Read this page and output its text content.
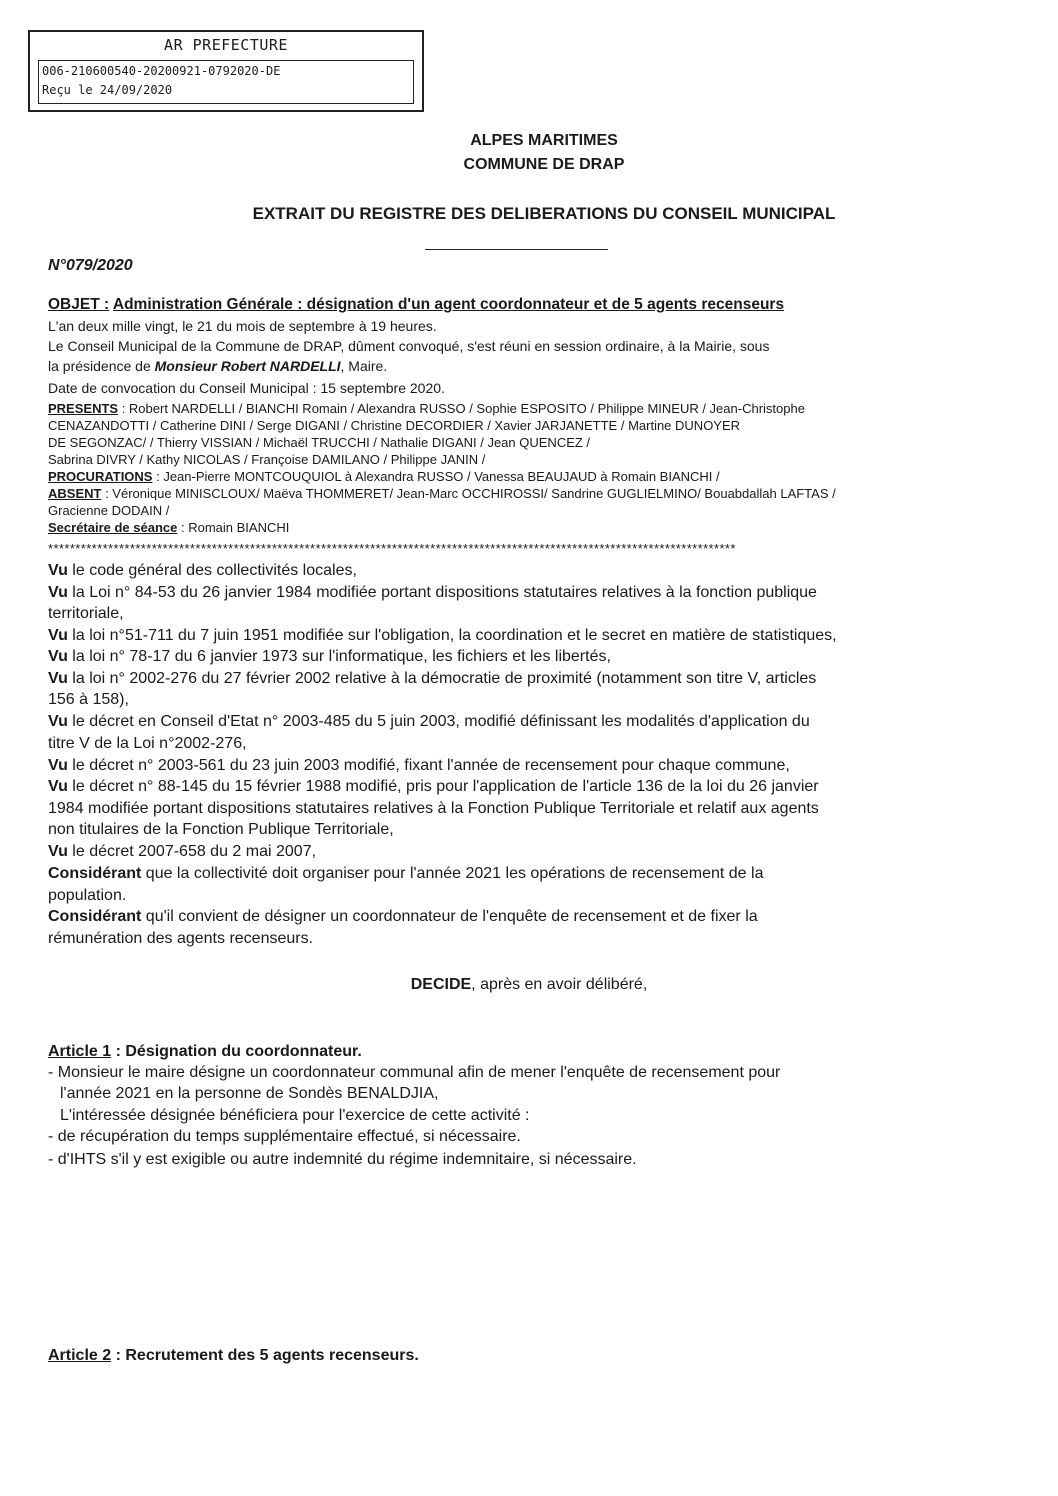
AR PREFECTURE
006-210600540-20200921-0792020-DE
Reçu le 24/09/2020
ALPES MARITIMES
COMMUNE DE DRAP
EXTRAIT DU REGISTRE DES DELIBERATIONS DU CONSEIL MUNICIPAL
N°079/2020
OBJET : Administration Générale : désignation d'un agent coordonnateur et de 5 agents recenseurs
L'an deux mille vingt, le 21 du mois de septembre à 19 heures.
Le Conseil Municipal de la Commune de DRAP, dûment convoqué, s'est réuni en session ordinaire, à la Mairie, sous
la présidence de Monsieur Robert NARDELLI, Maire.
Date de convocation du Conseil Municipal : 15 septembre 2020.
PRESENTS : Robert NARDELLI / BIANCHI Romain / Alexandra RUSSO / Sophie ESPOSITO / Philippe MINEUR / Jean-Christophe
CENAZANDOTTI / Catherine DINI / Serge DIGANI / Christine DECORDIER / Xavier JARJANETTE / Martine DUNOYER
DE SEGONZAC/ / Thierry VISSIAN / Michaël TRUCCHI / Nathalie DIGANI / Jean QUENCEZ /
Sabrina DIVRY / Kathy NICOLAS / Françoise DAMILANO / Philippe JANIN /
PROCURATIONS : Jean-Pierre MONTCOUQUIOL à Alexandra RUSSO / Vanessa BEAUJAUD à Romain BIANCHI /
ABSENT : Véronique MINISCLOUX/ Maëva THOMMERET/ Jean-Marc OCCHIROSSI/ Sandrine GUGLIELMINO/ Bouabdallah LAFTAS /
Gracienne DODAIN /
Secrétaire de séance : Romain BIANCHI
******************************************************************************************************************************
Vu le code général des collectivités locales,
Vu la Loi n° 84-53 du 26 janvier 1984 modifiée portant dispositions statutaires relatives à la fonction publique
territoriale,
Vu la loi n°51-711 du 7 juin 1951 modifiée sur l'obligation, la coordination et le secret en matière de statistiques,
Vu la loi n° 78-17 du 6 janvier 1973 sur l'informatique, les fichiers et les libertés,
Vu la loi n° 2002-276 du 27 février 2002 relative à la démocratie de proximité (notamment son titre V, articles
156 à 158),
Vu le décret en Conseil d'Etat n° 2003-485 du 5 juin 2003, modifié définissant les modalités d'application du
titre V de la Loi n°2002-276,
Vu le décret n° 2003-561 du 23 juin 2003 modifié, fixant l'année de recensement pour chaque commune,
Vu le décret n° 88-145 du 15 février 1988 modifié, pris pour l'application de l'article 136 de la loi du 26 janvier
1984 modifiée portant dispositions statutaires relatives à la Fonction Publique Territoriale et relatif aux agents
non titulaires de la Fonction Publique Territoriale,
Vu le décret 2007-658 du 2 mai 2007,
Considérant que la collectivité doit organiser pour l'année 2021 les opérations de recensement de la
population.
Considérant qu'il convient de désigner un coordonnateur de l'enquête de recensement et de fixer la
rémunération des agents recenseurs.
DECIDE, après en avoir délibéré,
Article 1 : Désignation du coordonnateur.
- Monsieur le maire désigne un coordonnateur communal afin de mener l'enquête de recensement pour
l'année 2021 en la personne de Sondès BENALDJIA,
L'intéressée désignée bénéficiera pour l'exercice de cette activité :
- de récupération du temps supplémentaire effectué, si nécessaire.
- d'IHTS s'il y est exigible ou autre indemnité du régime indemnitaire, si nécessaire.
Article 2 : Recrutement des 5 agents recenseurs.
